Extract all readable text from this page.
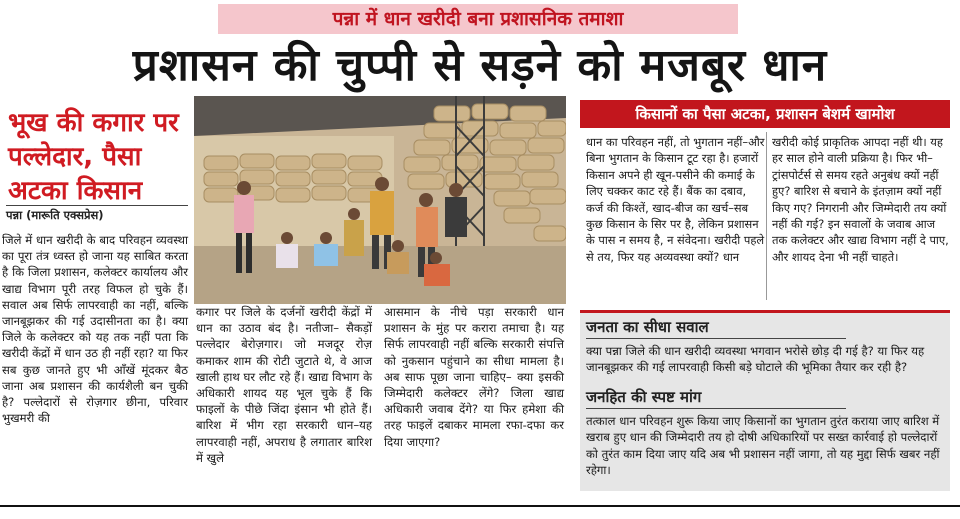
पन्ना में धान खरीदी बना प्रशासनिक तमाशा
प्रशासन की चुप्पी से सड़ने को मजबूर धान
भूख की कगार पर पल्लेदार, पैसा अटका किसान
पन्ना (मारूति एक्सप्रेस)
जिले में धान खरीदी के बाद परिवहन व्यवस्था का पूरा तंत्र ध्वस्त हो जाना यह साबित करता है कि जिला प्रशासन, कलेक्टर कार्यालय और खाद्य विभाग पूरी तरह विफल हो चुके हैं। सवाल अब सिर्फ लापरवाही का नहीं, बल्कि जानबूझकर की गई उदासीनता का है। क्या जिले के कलेक्टर को यह तक नहीं पता कि खरीदी केंद्रों में धान उठ ही नहीं रहा? या फिर सब कुछ जानते हुए भी आँखें मूंदकर बैठ जाना अब प्रशासन की कार्यशैली बन चुकी है? पल्लेदारों से रोज़गार छीना, परिवार भुखमरी की
कगार पर जिले के दर्जनों खरीदी केंद्रों में धान का उठाव बंद है। नतीजा– सैकड़ों पल्लेदार बेरोज़गार। जो मजदूर रोज़ कमाकर शाम की रोटी जुटाते थे, वे आज खाली हाथ घर लौट रहे हैं। खाद्य विभाग के अधिकारी शायद यह भूल चुके हैं कि फाइलों के पीछे जिंदा इंसान भी होते हैं। बारिश में भीग रहा सरकारी धान–यह लापरवाही नहीं, अपराध है लगातार बारिश में खुले
आसमान के नीचे पड़ा सरकारी धान प्रशासन के मुंह पर करारा तमाचा है। यह सिर्फ लापरवाही नहीं बल्कि सरकारी संपत्ति को नुकसान पहुंचाने का सीधा मामला है। अब साफ पूछा जाना चाहिए– क्या इसकी जिम्मेदारी कलेक्टर लेंगे? जिला खाद्य अधिकारी जवाब देंगे? या फिर हमेशा की तरह फाइलें दबाकर मामला रफा-दफा कर दिया जाएगा?
किसानों का पैसा अटका, प्रशासन बेशर्म खामोश
धान का परिवहन नहीं, तो भुगतान नहीं–और बिना भुगतान के किसान टूट रहा है। हजारों किसान अपने ही खून-पसीने की कमाई के लिए चक्कर काट रहे हैं। बैंक का दबाव, कर्ज की किश्तें, खाद-बीज का खर्च–सब कुछ किसान के सिर पर है, लेकिन प्रशासन के पास न समय है, न संवेदना। खरीदी पहले से तय, फिर यह अव्यवस्था क्यों? धान
खरीदी कोई प्राकृतिक आपदा नहीं थी। यह हर साल होने वाली प्रक्रिया है। फिर भी– ट्रांसपोर्टर्स से समय रहते अनुबंध क्यों नहीं हुए? बारिश से बचाने के इंतज़ाम क्यों नहीं किए गए? निगरानी और जिम्मेदारी तय क्यों नहीं की गई? इन सवालों के जवाब आज तक कलेक्टर और खाद्य विभाग नहीं दे पाए, और शायद देना भी नहीं चाहते।
जनता का सीधा सवाल
क्या पन्ना जिले की धान खरीदी व्यवस्था भगवान भरोसे छोड़ दी गई है? या फिर यह जानबूझकर की गई लापरवाही किसी बड़े घोटाले की भूमिका तैयार कर रही है?
जनहित की स्पष्ट मांग
तत्काल धान परिवहन शुरू किया जाए किसानों का भुगतान तुरंत कराया जाए बारिश में खराब हुए धान की जिम्मेदारी तय हो दोषी अधिकारियों पर सख्त कार्रवाई हो पल्लेदारों को तुरंत काम दिया जाए यदि अब भी प्रशासन नहीं जागा, तो यह मुद्दा सिर्फ खबर नहीं रहेगा।
